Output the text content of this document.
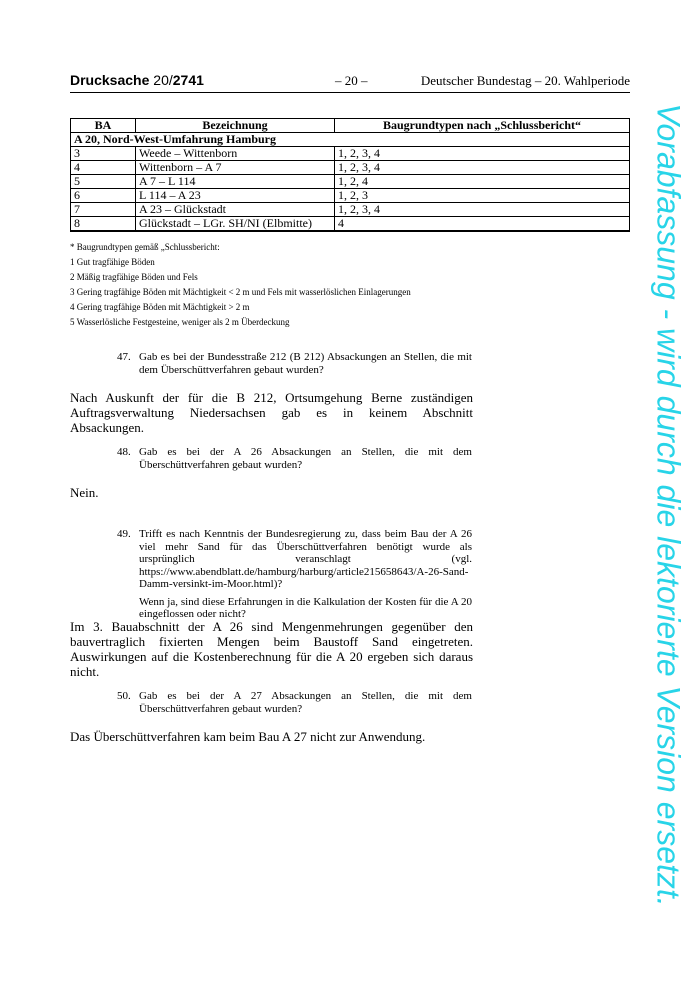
Drucksache 20/2741	– 20 –	Deutscher Bundestag – 20. Wahlperiode
BA	Bezeichnung	Baugrundtypen nach „Schlussbericht“
A 20, Nord-West-Umfahrung Hamburg		
3	Weede – Wittenborn	1, 2, 3, 4
4	Wittenborn – A 7	1, 2, 3, 4
5	A 7 – L 114	1, 2, 4
6	L 114 – A 23	1, 2, 3
7	A 23 – Glückstadt	1, 2, 3, 4
8	Glückstadt – LGr. SH/NI (Elbmitte)	4
* Baugrundtypen gemäß „Schlussbericht:
1 Gut tragfähige Böden
2 Mäßig tragfähige Böden und Fels
3 Gering tragfähige Böden mit Mächtigkeit < 2 m und Fels mit wasserlöslichen Einlagerungen
4 Gering tragfähige Böden mit Mächtigkeit > 2 m
5 Wasserlösliche Festgesteine, weniger als 2 m Überdeckung
47. Gab es bei der Bundesstraße 212 (B 212) Absackungen an Stellen, die mit dem Überschüttverfahren gebaut wurden?

Nach Auskunft der für die B 212, Ortsumgehung Berne zuständigen Auftragsverwaltung Niedersachsen gab es in keinem Abschnitt Absackungen.

48. Gab es bei der A 26 Absackungen an Stellen, die mit dem Überschüttverfahren gebaut wurden?

Nein.

49. Trifft es nach Kenntnis der Bundesregierung zu, dass beim Bau der A 26 viel mehr Sand für das Überschüttverfahren benötigt wurde als ursprünglich veranschlagt (vgl. https://www.abendblatt.de/hamburg/harburg/article215658643/A-26-Sand-Damm-versinkt-im-Moor.html)?

Wenn ja, sind diese Erfahrungen in die Kalkulation der Kosten für die A 20 eingeflossen oder nicht?

Im 3. Bauabschnitt der A 26 sind Mengenmehrungen gegenüber den bauvertraglich fixierten Mengen beim Baustoff Sand eingetreten. Auswirkungen auf die Kostenberechnung für die A 20 ergeben sich daraus nicht.

50. Gab es bei der A 27 Absackungen an Stellen, die mit dem Überschüttverfahren gebaut wurden?

Das Überschüttverfahren kam beim Bau A 27 nicht zur Anwendung.	Vorabfassung - wird durch die lektorierte Version ersetzt.
